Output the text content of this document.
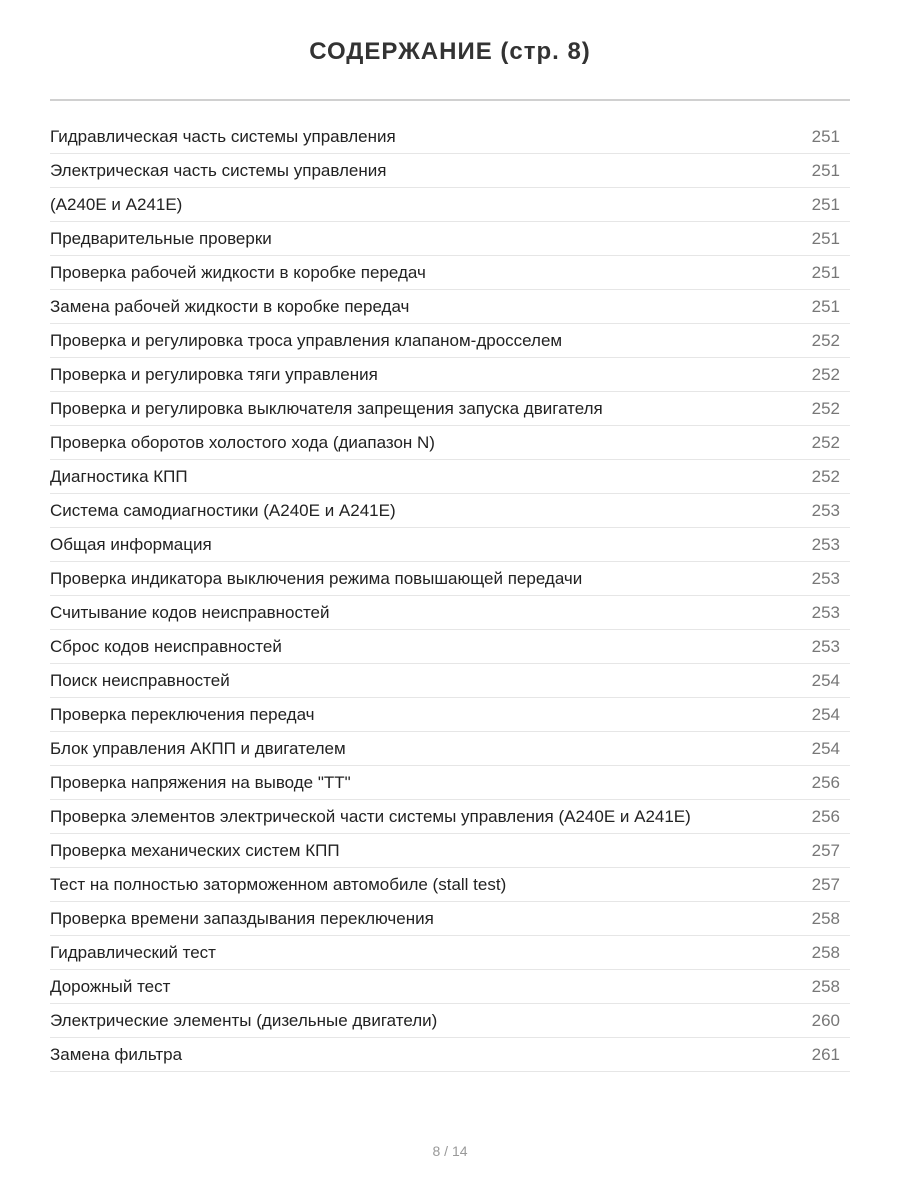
СОДЕРЖАНИЕ (стр. 8)
Гидравлическая часть системы управления	251
Электрическая часть системы управления	251
(A240E и A241E)	251
Предварительные проверки	251
Проверка рабочей жидкости в коробке передач	251
Замена рабочей жидкости в коробке передач	251
Проверка и регулировка троса управления клапаном-дросселем	252
Проверка и регулировка тяги управления	252
Проверка и регулировка выключателя запрещения запуска двигателя	252
Проверка оборотов холостого хода (диапазон N)	252
Диагностика КПП	252
Система самодиагностики (A240E и A241E)	253
Общая информация	253
Проверка индикатора выключения режима повышающей передачи	253
Считывание кодов неисправностей	253
Сброс кодов неисправностей	253
Поиск неисправностей	254
Проверка переключения передач	254
Блок управления АКПП и двигателем	254
Проверка напряжения на выводе "TT"	256
Проверка элементов электрической части системы управления (A240E и A241E)	256
Проверка механических систем КПП	257
Тест на полностью заторможенном автомобиле (stall test)	257
Проверка времени запаздывания переключения	258
Гидравлический тест	258
Дорожный тест	258
Электрические элементы (дизельные двигатели)	260
Замена фильтра	261
8 / 14
